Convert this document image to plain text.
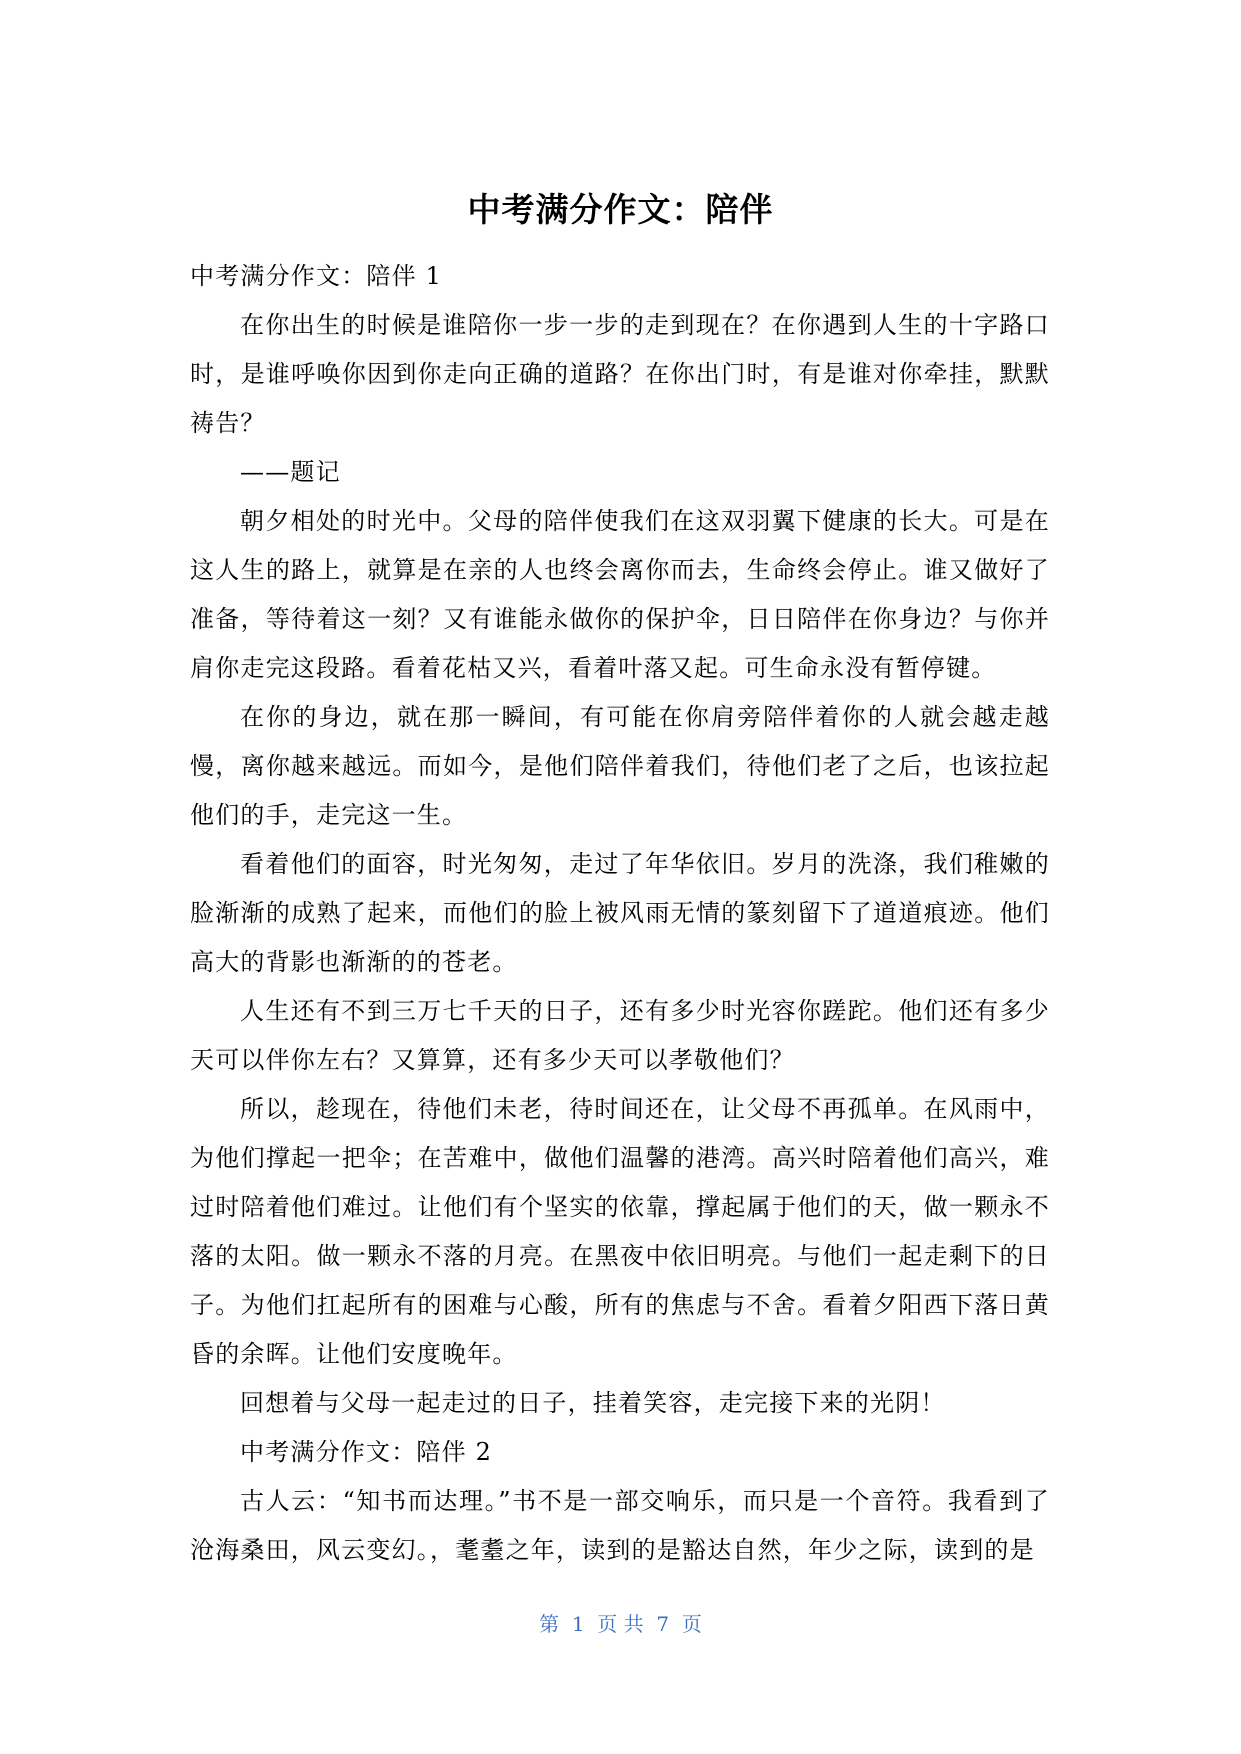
中考满分作文：陪伴

中考满分作文：陪伴 1

在你出生的时候是谁陪你一步一步的走到现在？在你遇到人生的十字路口时，是谁呼唤你因到你走向正确的道路？在你出门时，有是谁对你牵挂，默默祷告？

——题记

朝夕相处的时光中。父母的陪伴使我们在这双羽翼下健康的长大。可是在这人生的路上，就算是在亲的人也终会离你而去，生命终会停止。谁又做好了准备，等待着这一刻？又有谁能永做你的保护伞，日日陪伴在你身边？与你并肩你走完这段路。看着花枯又兴，看着叶落又起。可生命永没有暂停键。

在你的身边，就在那一瞬间，有可能在你肩旁陪伴着你的人就会越走越慢，离你越来越远。而如今，是他们陪伴着我们，待他们老了之后，也该拉起他们的手，走完这一生。

看着他们的面容，时光匆匆，走过了年华依旧。岁月的洗涤，我们稚嫩的脸渐渐的成熟了起来，而他们的脸上被风雨无情的篆刻留下了道道痕迹。他们高大的背影也渐渐的的苍老。

人生还有不到三万七千天的日子，还有多少时光容你蹉跎。他们还有多少天可以伴你左右？又算算，还有多少天可以孝敬他们？

所以，趁现在，待他们未老，待时间还在，让父母不再孤单。在风雨中，为他们撑起一把伞；在苦难中，做他们温馨的港湾。高兴时陪着他们高兴，难过时陪着他们难过。让他们有个坚实的依靠，撑起属于他们的天，做一颗永不落的太阳。做一颗永不落的月亮。在黑夜中依旧明亮。与他们一起走剩下的日子。为他们扛起所有的困难与心酸，所有的焦虑与不舍。看着夕阳西下落日黄昏的余晖。让他们安度晚年。

回想着与父母一起走过的日子，挂着笑容，走完接下来的光阴！

中考满分作文：陪伴 2

古人云：“知书而达理。”书不是一部交响乐，而只是一个音符。我看到了沧海桑田，风云变幻。，耄耋之年，读到的是豁达自然，年少之际，读到的是

第  1  页 共  7  页
